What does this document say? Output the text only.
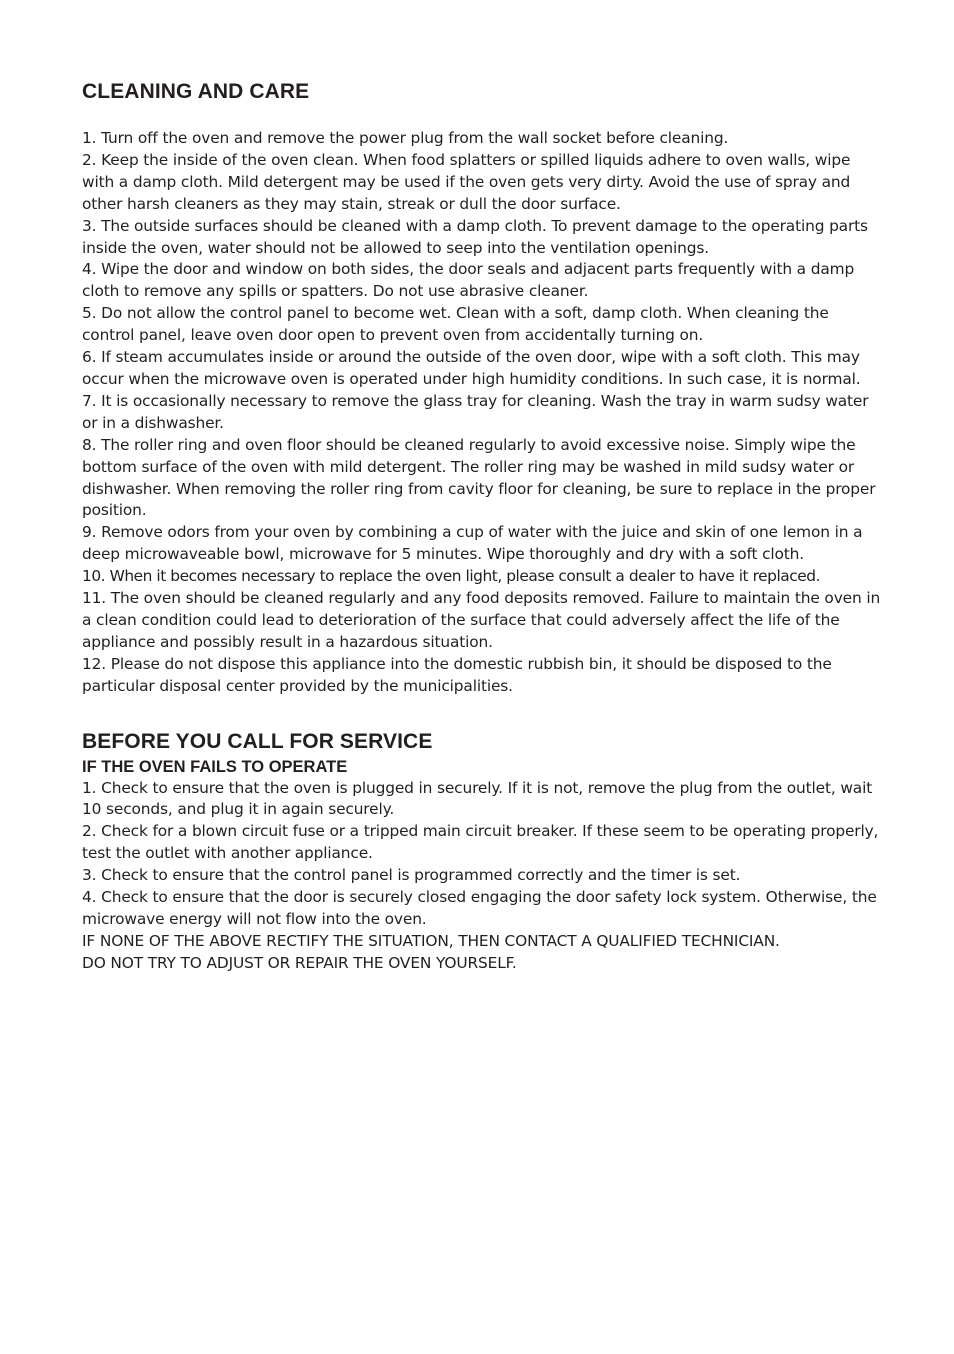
CLEANING AND CARE

1. Turn off the oven and remove the power plug from the wall socket before cleaning.

2. Keep the inside of the oven clean. When food splatters or spilled liquids adhere to oven walls, wipe with a damp cloth. Mild detergent may be used if the oven gets very dirty. Avoid the use of spray and other harsh cleaners as they may stain, streak or dull the door surface.

3. The outside surfaces should be cleaned with a damp cloth. To prevent damage to the operating parts inside the oven, water should not be allowed to seep into the ventilation openings.

4. Wipe the door and window on both sides, the door seals and adjacent parts frequently with a damp cloth to remove any spills or spatters. Do not use abrasive cleaner.

5. Do not allow the control panel to become wet. Clean with a soft, damp cloth. When cleaning the control panel, leave oven door open to prevent oven from accidentally turning on.

6. If steam accumulates inside or around the outside of the oven door, wipe with a soft cloth. This may occur when the microwave oven is operated under high humidity conditions. In such case, it is normal.

7. It is occasionally necessary to remove the glass tray for cleaning. Wash the tray in warm sudsy water or in a dishwasher.

8. The roller ring and oven floor should be cleaned regularly to avoid excessive noise. Simply wipe the bottom surface of the oven with mild detergent. The roller ring may be washed in mild sudsy water or dishwasher. When removing the roller ring from cavity floor for cleaning, be sure to replace in the proper position.

9. Remove odors from your oven by combining a cup of water with the juice and skin of one lemon in a deep microwaveable bowl, microwave for 5 minutes. Wipe thoroughly and dry with a soft cloth.

10. When it becomes necessary to replace the oven light, please consult a dealer to have it replaced.

11. The oven should be cleaned regularly and any food deposits removed. Failure to maintain the oven in a clean condition could lead to deterioration of the surface that could adversely affect the life of the appliance and possibly result in a hazardous situation.

12. Please do not dispose this appliance into the domestic rubbish bin, it should be disposed to the particular disposal center provided by the municipalities.

BEFORE YOU CALL FOR SERVICE
IF THE OVEN FAILS TO OPERATE

1. Check to ensure that the oven is plugged in securely. If it is not, remove the plug from the outlet, wait 10 seconds, and plug it in again securely.

2. Check for a blown circuit fuse or a tripped main circuit breaker. If these seem to be operating properly, test the outlet with another appliance.

3. Check to ensure that the control panel is programmed correctly and the timer is set.

4. Check to ensure that the door is securely closed engaging the door safety lock system. Otherwise, the microwave energy will not flow into the oven.

IF NONE OF THE ABOVE RECTIFY THE SITUATION, THEN CONTACT A QUALIFIED TECHNICIAN.

DO NOT TRY TO ADJUST OR REPAIR THE OVEN YOURSELF.
